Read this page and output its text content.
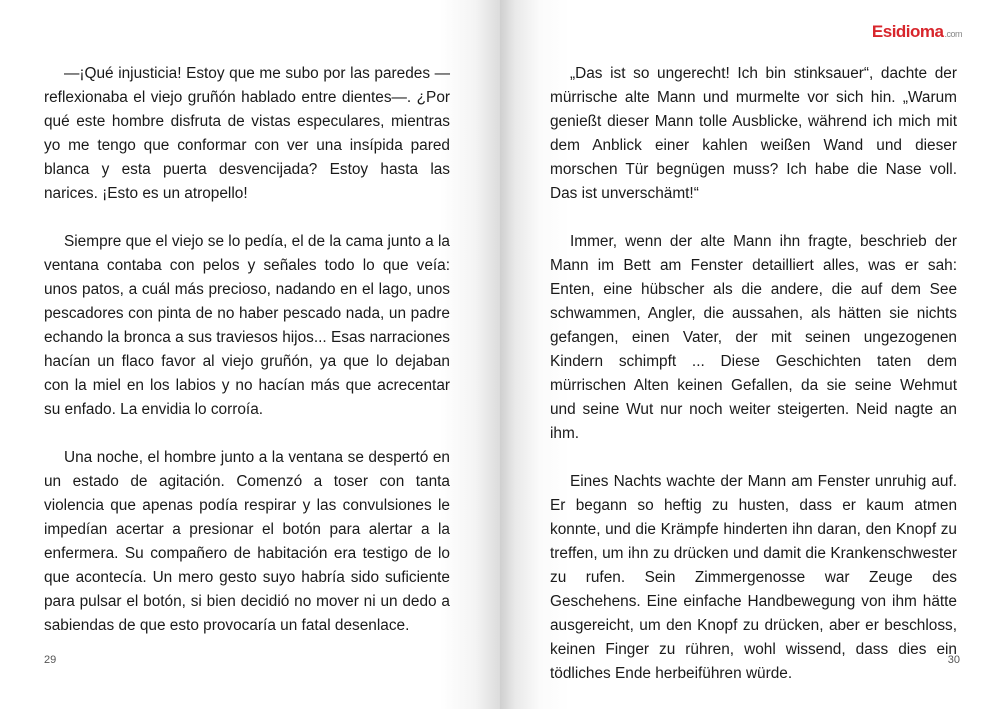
—¡Qué injusticia! Estoy que me subo por las paredes —reflexionaba el viejo gruñón hablado entre dientes—. ¿Por qué este hombre disfruta de vistas especulares, mientras yo me tengo que conformar con ver una insípida pared blanca y esta puerta desvencijada? Estoy hasta las narices. ¡Esto es un atropello!

Siempre que el viejo se lo pedía, el de la cama junto a la ventana contaba con pelos y señales todo lo que veía: unos patos, a cuál más precioso, nadando en el lago, unos pescadores con pinta de no haber pescado nada, un padre echando la bronca a sus traviesos hijos... Esas narraciones hacían un flaco favor al viejo gruñón, ya que lo dejaban con la miel en los labios y no hacían más que acrecentar su enfado. La envidia lo corroía.

Una noche, el hombre junto a la ventana se despertó en un estado de agitación. Comenzó a toser con tanta violencia que apenas podía respirar y las convulsiones le impedían acertar a presionar el botón para alertar a la enfermera. Su compañero de habitación era testigo de lo que acontecía. Un mero gesto suyo habría sido suficiente para pulsar el botón, si bien decidió no mover ni un dedo a sabiendas de que esto provocaría un fatal desenlace.

29
Es idioma .com

„Das ist so ungerecht! Ich bin stinksauer“, dachte der mürrische alte Mann und murmelte vor sich hin. „Warum genießt dieser Mann tolle Ausblicke, während ich mich mit dem Anblick einer kahlen weißen Wand und dieser morschen Tür begnügen muss? Ich habe die Nase voll. Das ist unverschämt!“

Immer, wenn der alte Mann ihn fragte, beschrieb der Mann im Bett am Fenster detailliert alles, was er sah: Enten, eine hübscher als die andere, die auf dem See schwammen, Angler, die aussahen, als hätten sie nichts gefangen, einen Vater, der mit seinen ungezogenen Kindern schimpft ... Diese Geschichten taten dem mürrischen Alten keinen Gefallen, da sie seine Wehmut und seine Wut nur noch weiter steigerten. Neid nagte an ihm.

Eines Nachts wachte der Mann am Fenster unruhig auf. Er begann so heftig zu husten, dass er kaum atmen konnte, und die Krämpfe hinderten ihn daran, den Knopf zu treffen, um ihn zu drücken und damit die Krankenschwester zu rufen. Sein Zimmergenosse war Zeuge des Geschehens. Eine einfache Handbewegung von ihm hätte ausgereicht, um den Knopf zu drücken, aber er beschloss, keinen Finger zu rühren, wohl wissend, dass dies ein tödliches Ende herbeiführen würde.

30
